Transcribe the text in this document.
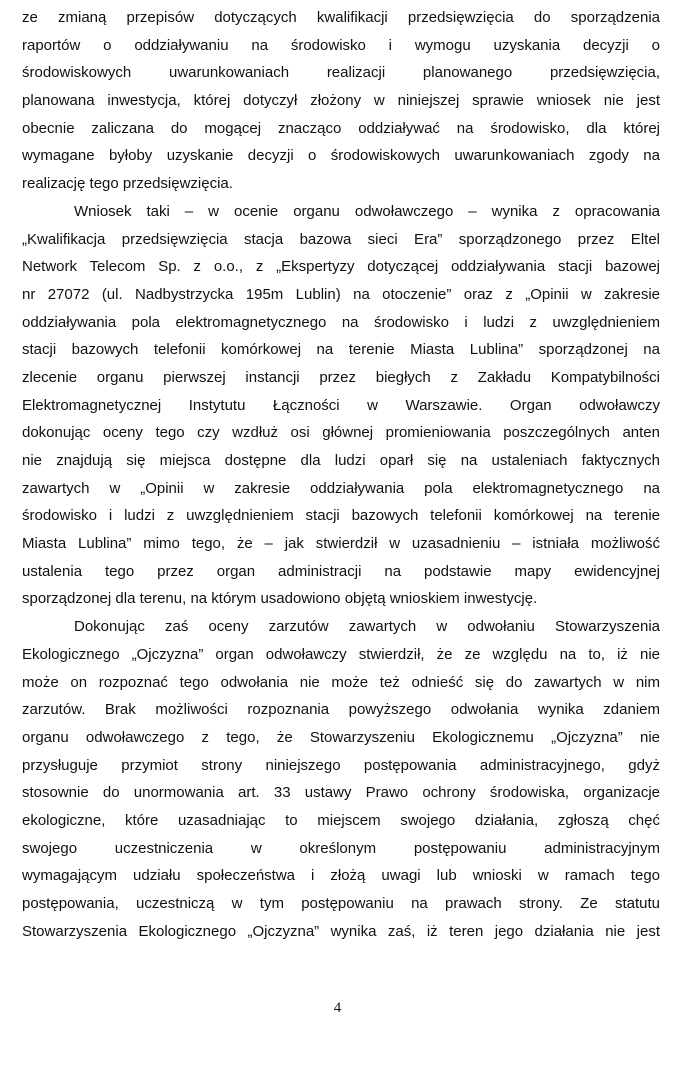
ze zmianą przepisów dotyczących kwalifikacji przedsięwzięcia do sporządzenia
raportów o oddziaływaniu na środowisko i wymogu uzyskania decyzji o
środowiskowych uwarunkowaniach realizacji planowanego przedsięwzięcia,
planowana inwestycja, której dotyczył złożony w niniejszej sprawie wniosek nie jest
obecnie zaliczana do mogącej znacząco oddziaływać na środowisko, dla której
wymagane byłoby uzyskanie decyzji o środowiskowych uwarunkowaniach zgody na
realizację tego przedsięwzięcia.
Wniosek taki – w ocenie organu odwoławczego – wynika z opracowania
„Kwalifikacja przedsięwzięcia stacja bazowa sieci Era” sporządzonego przez Eltel
Network Telecom Sp. z o.o., z „Ekspertyzy dotyczącej oddziaływania stacji bazowej
nr 27072 (ul. Nadbystrzycka 195m Lublin) na otoczenie” oraz z „Opinii w zakresie
oddziaływania pola elektromagnetycznego na środowisko i ludzi z uwzględnieniem
stacji bazowych telefonii komórkowej na terenie Miasta Lublina” sporządzonej na
zlecenie organu pierwszej instancji przez biegłych z Zakładu Kompatybilności
Elektromagnetycznej Instytutu Łączności w Warszawie. Organ odwoławczy
dokonując oceny tego czy wzdłuż osi głównej promieniowania poszczególnych anten
nie znajdują się miejsca dostępne dla ludzi oparł się na ustaleniach faktycznych
zawartych w „Opinii w zakresie oddziaływania pola elektromagnetycznego na
środowisko i ludzi z uwzględnieniem stacji bazowych telefonii komórkowej na terenie
Miasta Lublina” mimo tego, że – jak stwierdził w uzasadnieniu – istniała możliwość
ustalenia tego przez organ administracji na podstawie mapy ewidencyjnej
sporządzonej dla terenu, na którym usadowiono objętą wnioskiem inwestycję.
Dokonując zaś oceny zarzutów zawartych w odwołaniu Stowarzyszenia
Ekologicznego „Ojczyzna” organ odwoławczy stwierdził, że ze względu na to, iż nie
może on rozpoznać tego odwołania nie może też odnieść się do zawartych w nim
zarzutów. Brak możliwości rozpoznania powyższego odwołania wynika zdaniem
organu odwoławczego z tego, że Stowarzyszeniu Ekologicznemu „Ojczyzna” nie
przysługuje przymiot strony niniejszego postępowania administracyjnego, gdyż
stosownie do unormowania art. 33 ustawy Prawo ochrony środowiska, organizacje
ekologiczne, które uzasadniając to miejscem swojego działania, zgłoszą chęć
swojego uczestniczenia w określonym postępowaniu administracyjnym
wymagającym udziału społeczeństwa i złożą uwagi lub wnioski w ramach tego
postępowania, uczestniczą w tym postępowaniu na prawach strony. Ze statutu
Stowarzyszenia Ekologicznego „Ojczyzna” wynika zaś, iż teren jego działania nie jest
4
